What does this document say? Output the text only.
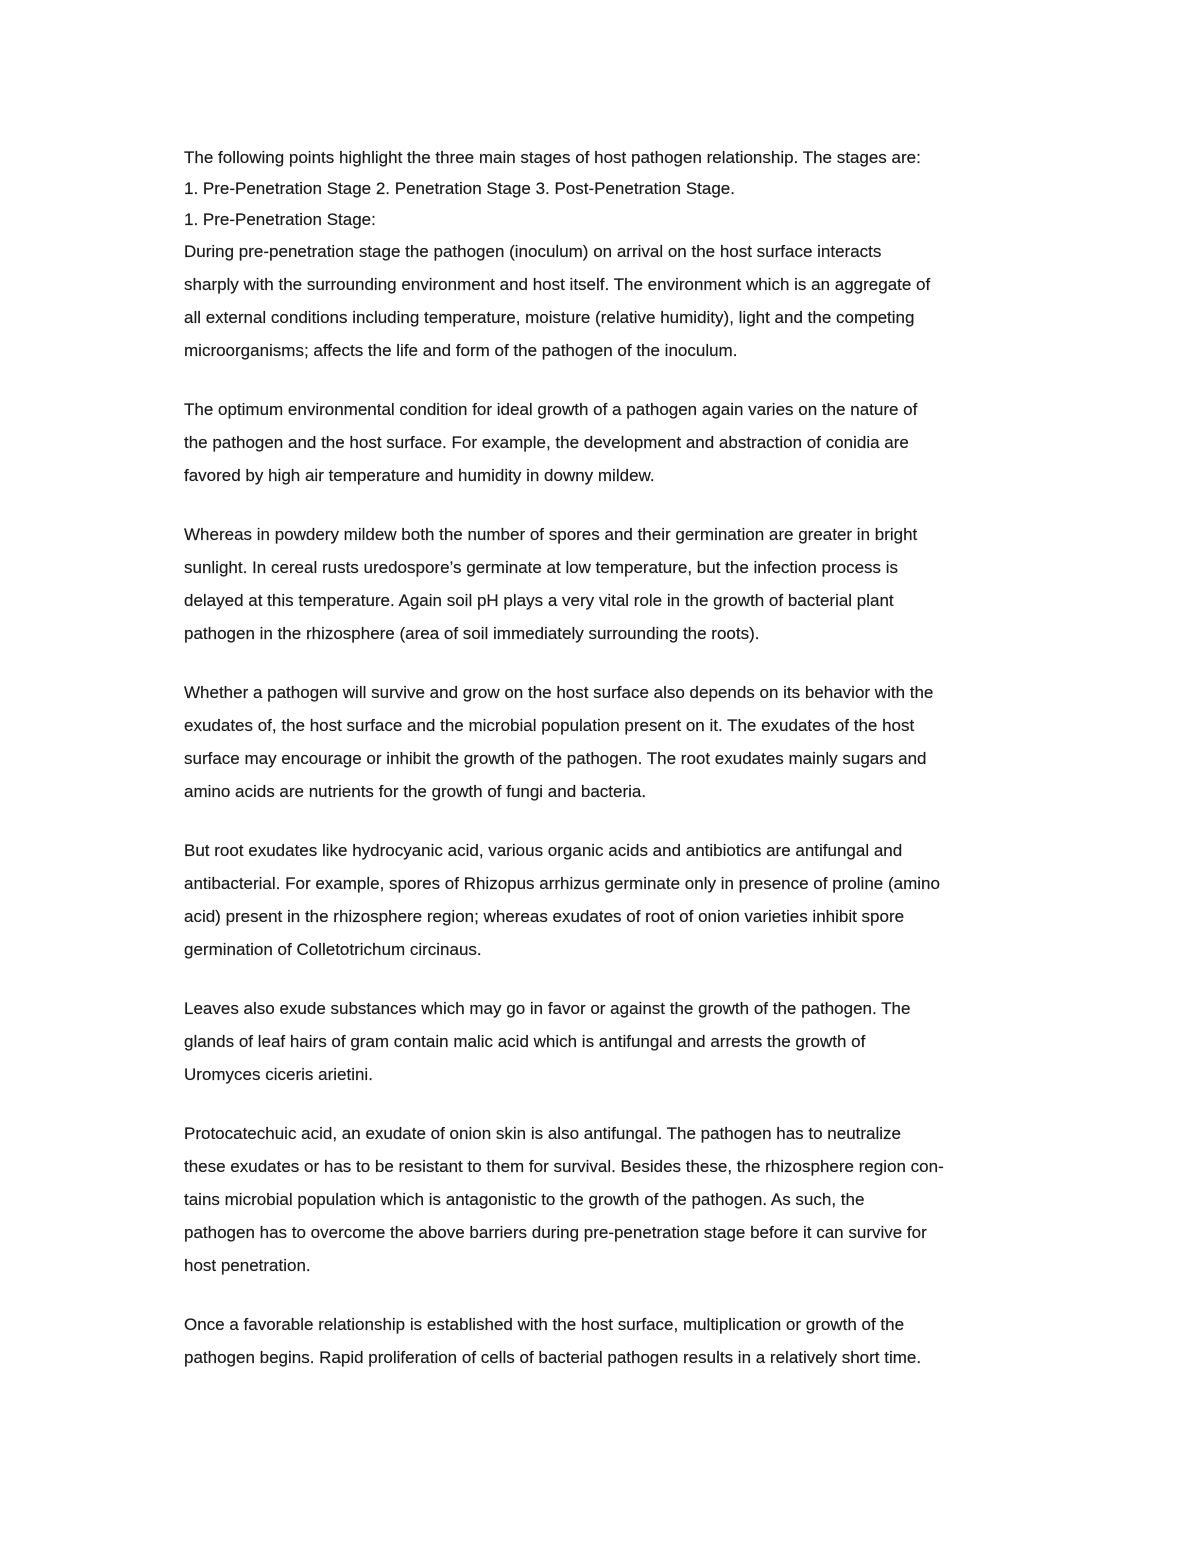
The following points highlight the three main stages of host pathogen relationship. The stages are:
1. Pre-Penetration Stage 2. Penetration Stage 3. Post-Penetration Stage.
1. Pre-Penetration Stage:
During pre-penetration stage the pathogen (inoculum) on arrival on the host surface interacts
sharply with the surrounding environment and host itself. The environment which is an aggregate of
all external conditions including temperature, moisture (relative humidity), light and the competing
microorganisms; affects the life and form of the pathogen of the inoculum.
The optimum environmental condition for ideal growth of a pathogen again varies on the nature of
the pathogen and the host surface. For example, the development and abstraction of conidia are
favored by high air temperature and humidity in downy mildew.
Whereas in powdery mildew both the number of spores and their germination are greater in bright
sunlight. In cereal rusts uredospore’s germinate at low temperature, but the infection process is
delayed at this temperature. Again soil pH plays a very vital role in the growth of bacterial plant
pathogen in the rhizosphere (area of soil immediately surrounding the roots).
Whether a pathogen will survive and grow on the host surface also depends on its behavior with the
exudates of, the host surface and the microbial population present on it. The exudates of the host
surface may encourage or inhibit the growth of the pathogen. The root exudates mainly sugars and
amino acids are nutrients for the growth of fungi and bacteria.
But root exudates like hydrocyanic acid, various organic acids and antibiotics are antifungal and
antibacterial. For example, spores of Rhizopus arrhizus germinate only in presence of proline (amino
acid) present in the rhizosphere region; whereas exudates of root of onion varieties inhibit spore
germination of Colletotrichum circinaus.
Leaves also exude substances which may go in favor or against the growth of the pathogen. The
glands of leaf hairs of gram contain malic acid which is antifungal and arrests the growth of
Uromyces ciceris arietini.
Protocatechuic acid, an exudate of onion skin is also antifungal. The pathogen has to neutralize
these exudates or has to be resistant to them for survival. Besides these, the rhizosphere region con-
tains microbial population which is antagonistic to the growth of the pathogen. As such, the
pathogen has to overcome the above barriers during pre-penetration stage before it can survive for
host penetration.
Once a favorable relationship is established with the host surface, multiplication or growth of the
pathogen begins. Rapid proliferation of cells of bacterial pathogen results in a relatively short time.
